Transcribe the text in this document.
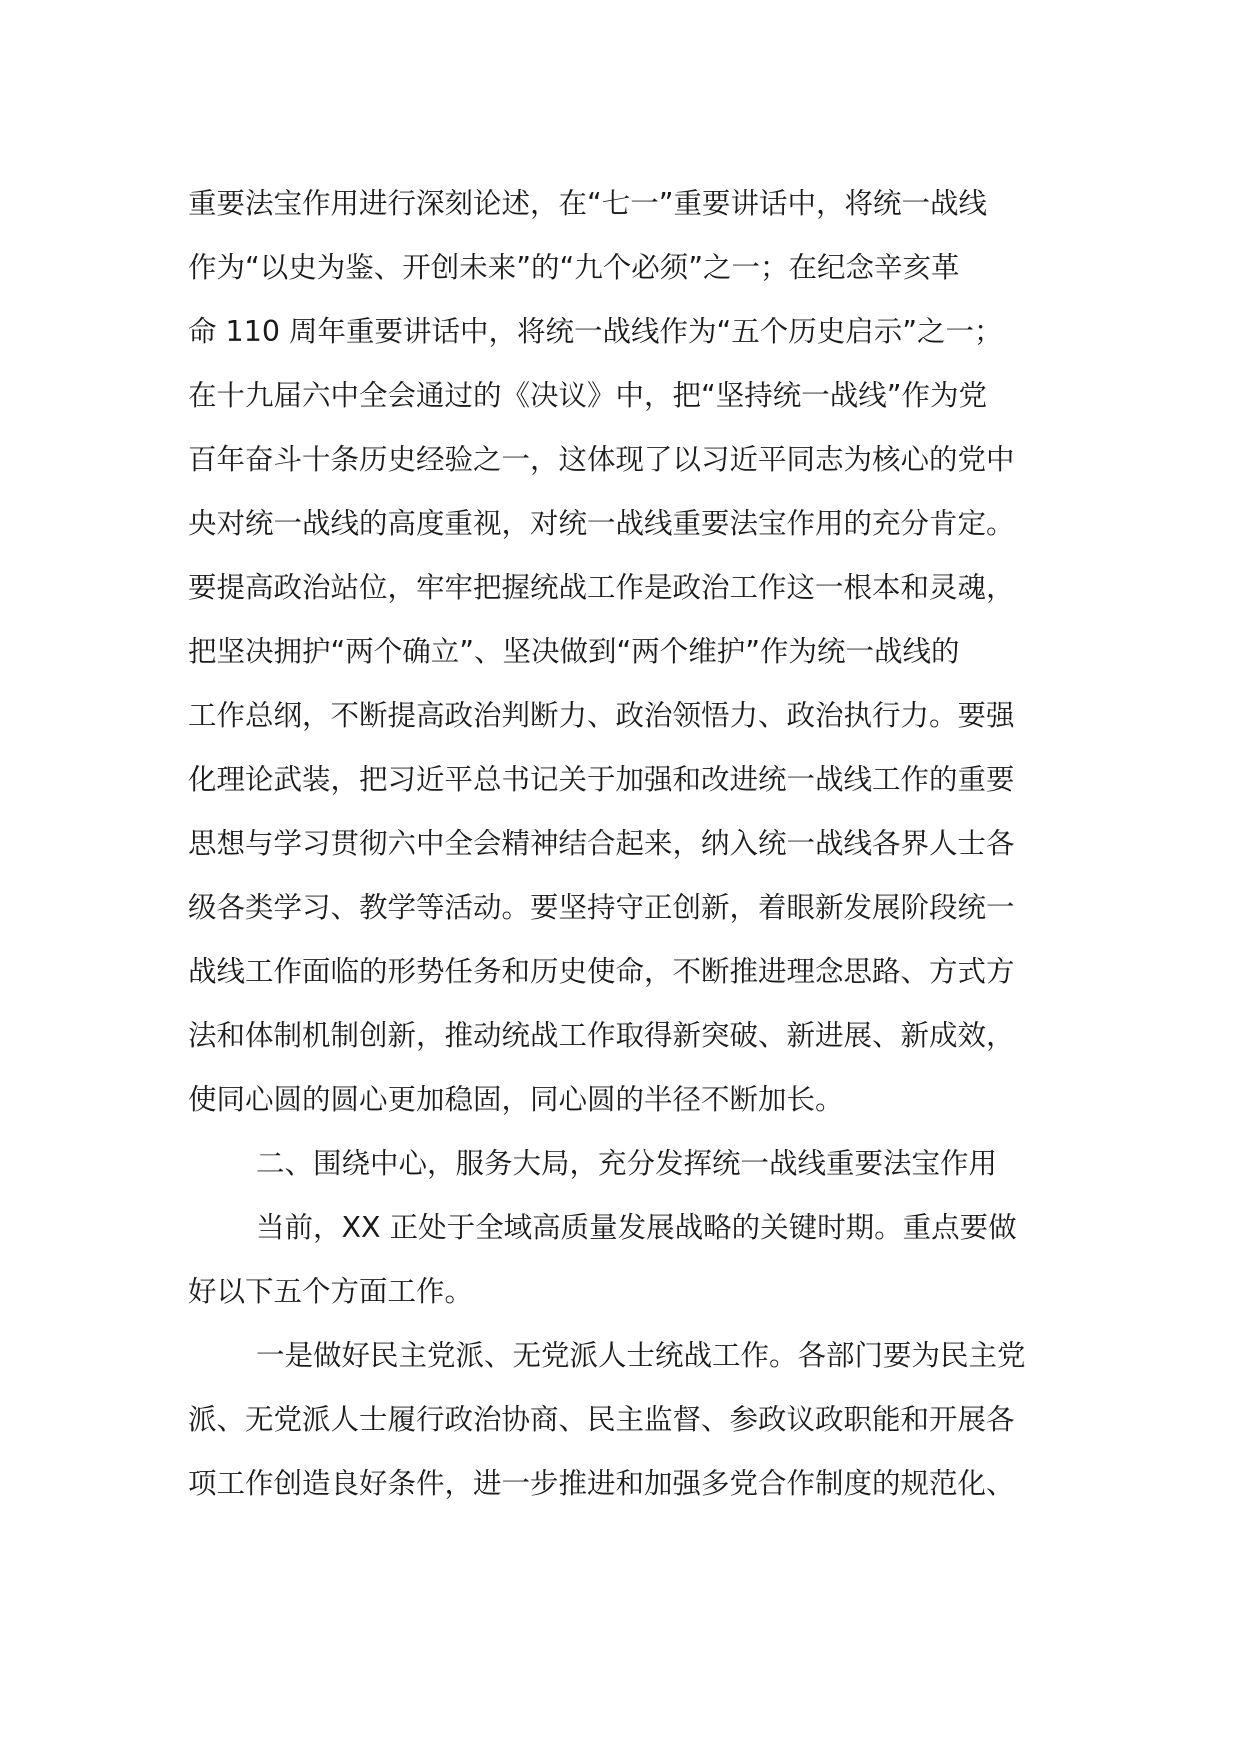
重要法宝作用进行深刻论述，在“七一”重要讲话中，将统一战线
作为“以史为鉴、开创未来”的“九个必须”之一；在纪念辛亥革
命 110 周年重要讲话中，将统一战线作为“五个历史启示”之一；
在十九届六中全会通过的《决议》中，把“坚持统一战线”作为党
百年奋斗十条历史经验之一，这体现了以习近平同志为核心的党中
央对统一战线的高度重视，对统一战线重要法宝作用的充分肯定。
要提高政治站位，牢牢把握统战工作是政治工作这一根本和灵魂，
把坚决拥护“两个确立”、坚决做到“两个维护”作为统一战线的
工作总纲，不断提高政治判断力、政治领悟力、政治执行力。要强
化理论武装，把习近平总书记关于加强和改进统一战线工作的重要
思想与学习贯彻六中全会精神结合起来，纳入统一战线各界人士各
级各类学习、教学等活动。要坚持守正创新，着眼新发展阶段统一
战线工作面临的形势任务和历史使命，不断推进理念思路、方式方
法和体制机制创新，推动统战工作取得新突破、新进展、新成效，
使同心圆的圆心更加稳固，同心圆的半径不断加长。
二、围绕中心，服务大局，充分发挥统一战线重要法宝作用
当前，XX 正处于全域高质量发展战略的关键时期。重点要做
好以下五个方面工作。
一是做好民主党派、无党派人士统战工作。各部门要为民主党
派、无党派人士履行政治协商、民主监督、参政议政职能和开展各
项工作创造良好条件，进一步推进和加强多党合作制度的规范化、
